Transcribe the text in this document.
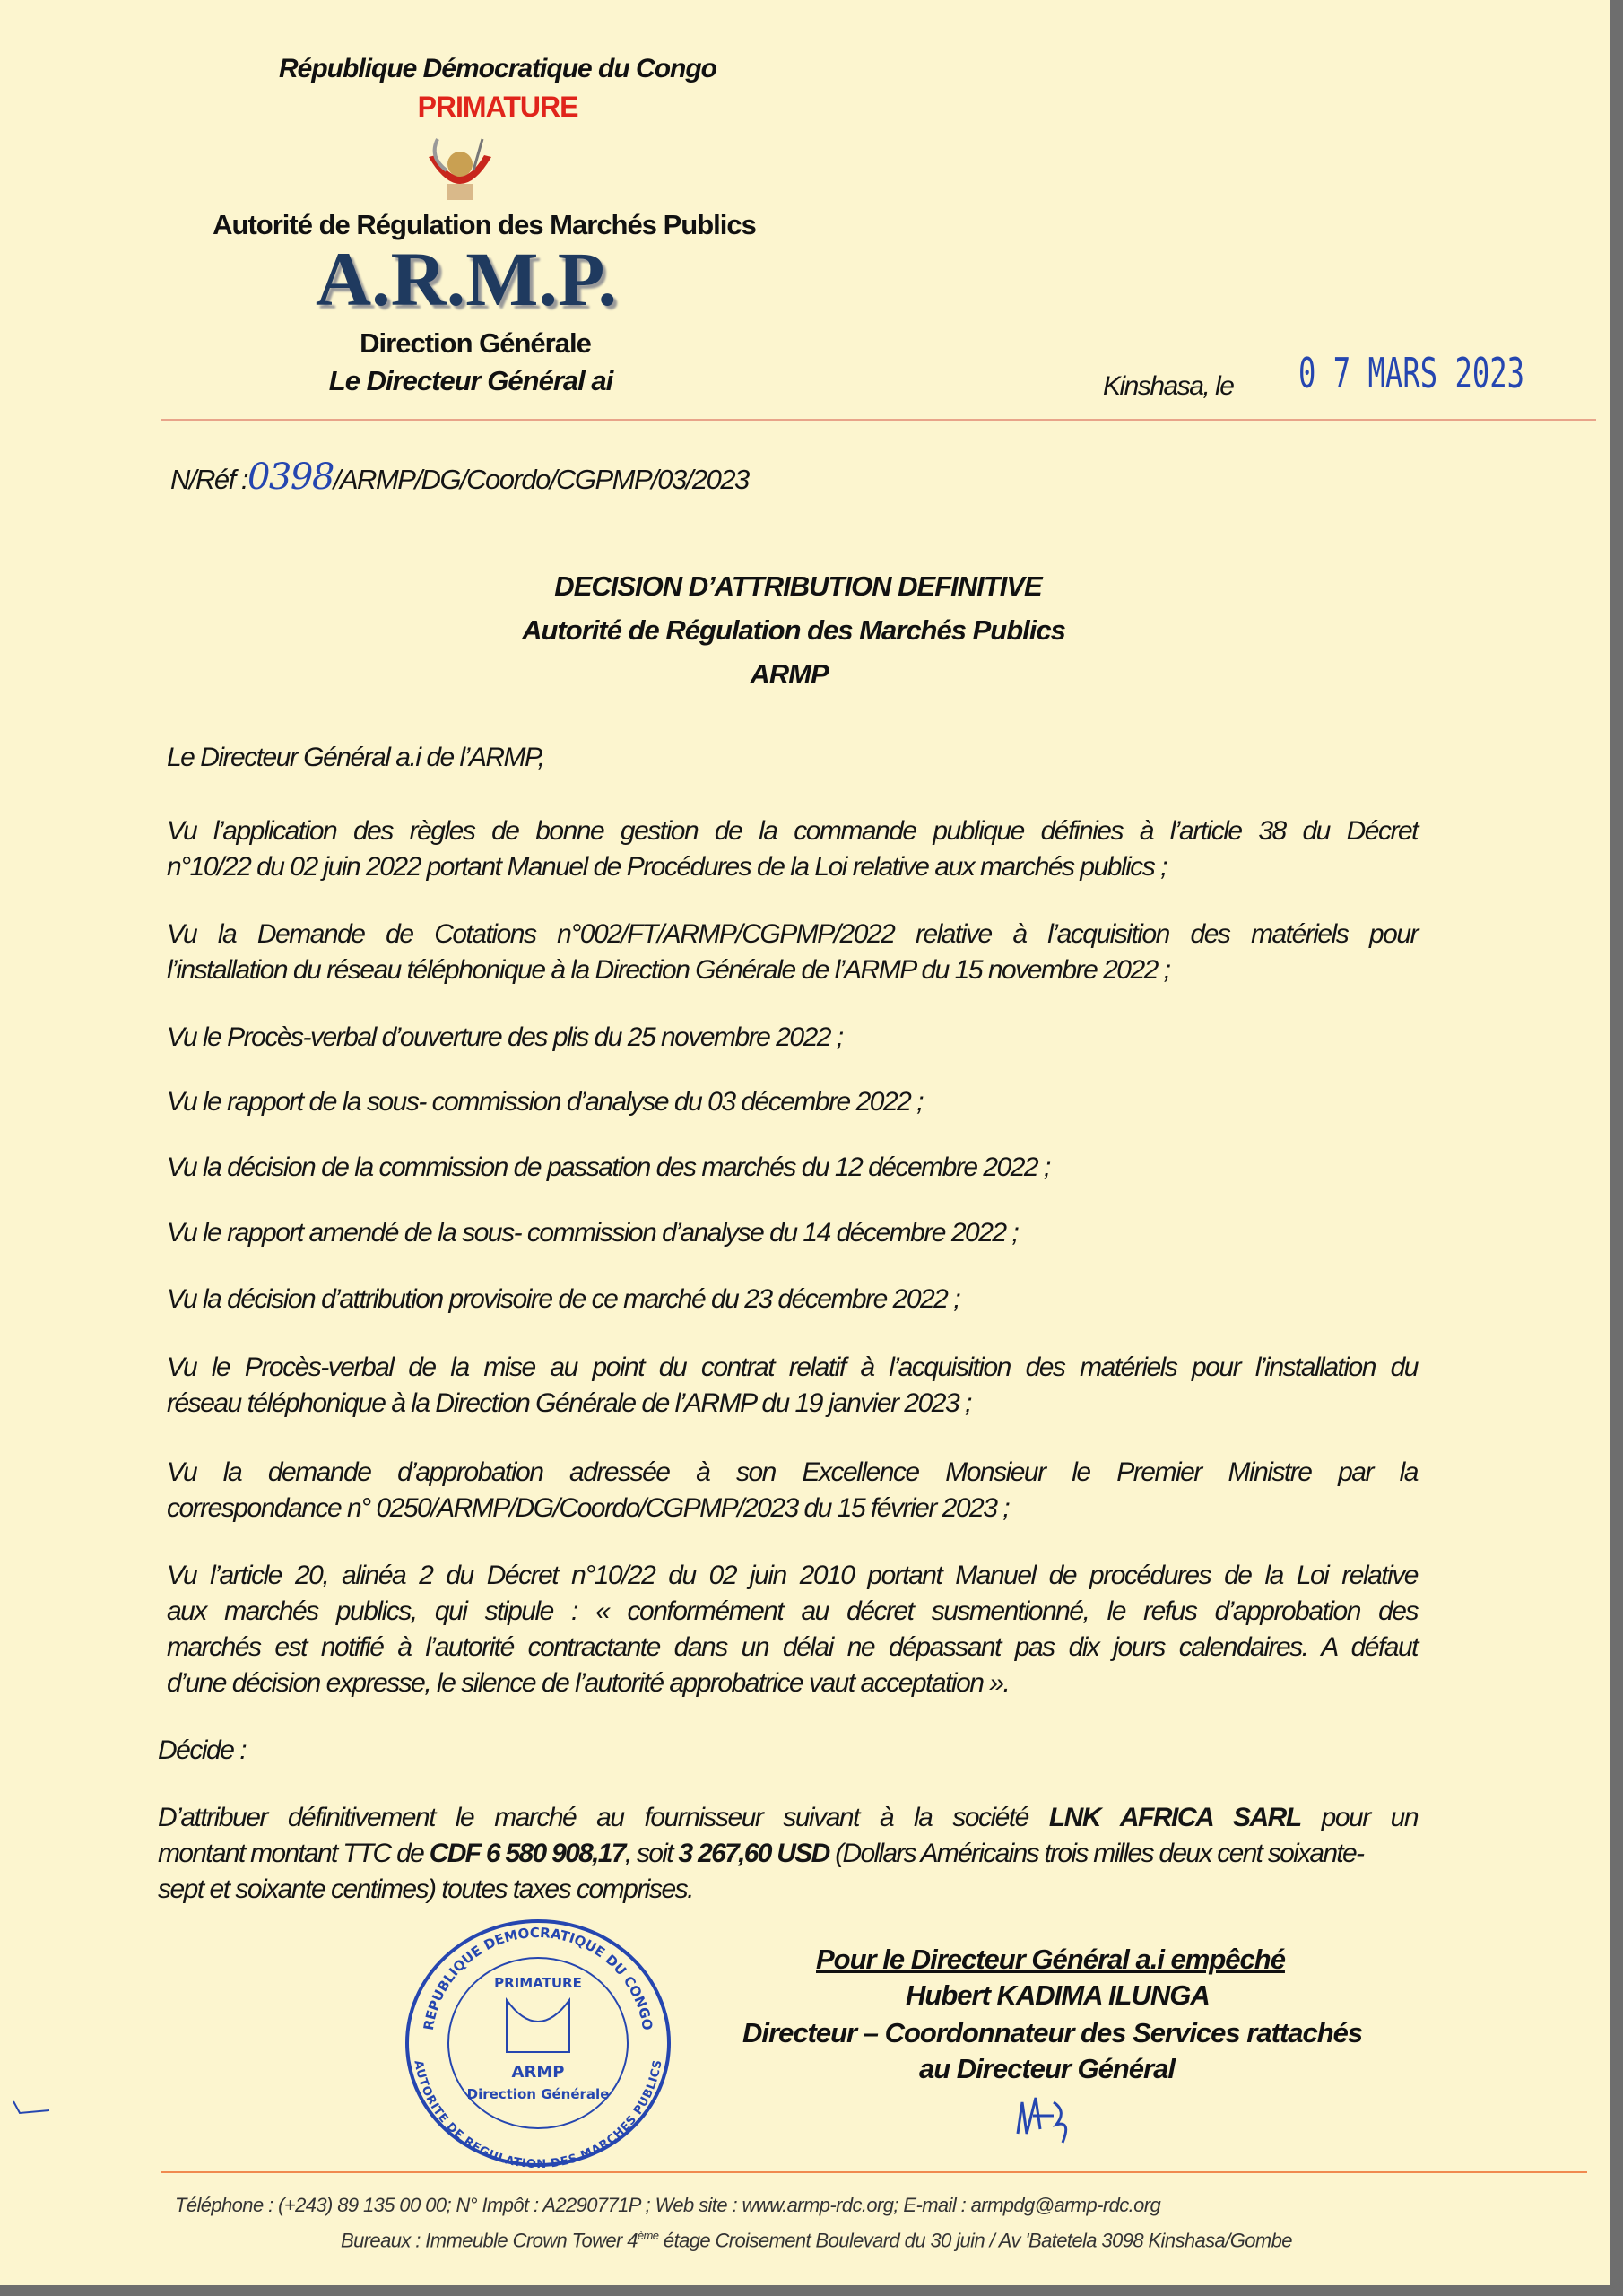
République Démocratique du Congo
PRIMATURE
Autorité de Régulation des Marchés Publics
A.R.M.P.
Direction Générale
Le Directeur Général ai	Kinshasa, le 0 7 MARS 2023
N/Réf :0398/ARMP/DG/Coordo/CGPMP/03/2023
DECISION D’ATTRIBUTION DEFINITIVE
Autorité de Régulation des Marchés Publics
ARMP
Le Directeur Général a.i de l’ARMP,
Vu l’application des règles de bonne gestion de la commande publique définies à l’article 38 du Décret
n°10/22 du 02 juin 2022 portant Manuel de Procédures de la Loi relative aux marchés publics ;
Vu la Demande de Cotations n°002/FT/ARMP/CGPMP/2022 relative à l’acquisition des matériels pour
l’installation du réseau téléphonique à la Direction Générale de l’ARMP du 15 novembre 2022 ;
Vu le Procès-verbal d’ouverture des plis du 25 novembre 2022 ;
Vu le rapport de la sous- commission d’analyse du 03 décembre 2022 ;
Vu la décision de la commission de passation des marchés du 12 décembre 2022 ;
Vu le rapport amendé de la sous- commission d’analyse du 14 décembre 2022 ;
Vu la décision d’attribution provisoire de ce marché du 23 décembre 2022 ;
Vu le Procès-verbal de la mise au point du contrat relatif à l’acquisition des matériels pour l’installation du
réseau téléphonique à la Direction Générale de l’ARMP du 19 janvier 2023 ;
Vu la demande d’approbation adressée à son Excellence Monsieur le Premier Ministre par la
correspondance n° 0250/ARMP/DG/Coordo/CGPMP/2023 du 15 février 2023 ;
Vu l’article 20, alinéa 2 du Décret n°10/22 du 02 juin 2010 portant Manuel de procédures de la Loi relative
aux marchés publics, qui stipule : « conformément au décret susmentionné, le refus d’approbation des
marchés est notifié à l’autorité contractante dans un délai ne dépassant pas dix jours calendaires. A défaut
d’une décision expresse, le silence de l’autorité approbatrice vaut acceptation ».
Décide :
D’attribuer définitivement le marché au fournisseur suivant à la société LNK AFRICA SARL pour un
montant montant TTC de CDF 6 580 908,17, soit 3 267,60 USD (Dollars Américains trois milles deux cent soixante-
sept et soixante centimes) toutes taxes comprises.
REPUBLIQUE DEMOCRATIQUE DU CONGO
AUTORITE DE REGULATION DES MARCHES PUBLICS
PRIMATURE
ARMP
Direction Générale
Pour le Directeur Général a.i empêché
Hubert KADIMA ILUNGA
Directeur – Coordonnateur des Services rattachés
au Directeur Général
Téléphone : (+243) 89 135 00 00; N° Impôt : A2290771P ; Web site : www.armp-rdc.org; E-mail : armpdg@armp-rdc.org
Bureaux : Immeuble Crown Tower 4ème étage Croisement Boulevard du 30 juin / Av 'Batetela 3098 Kinshasa/Gombe
